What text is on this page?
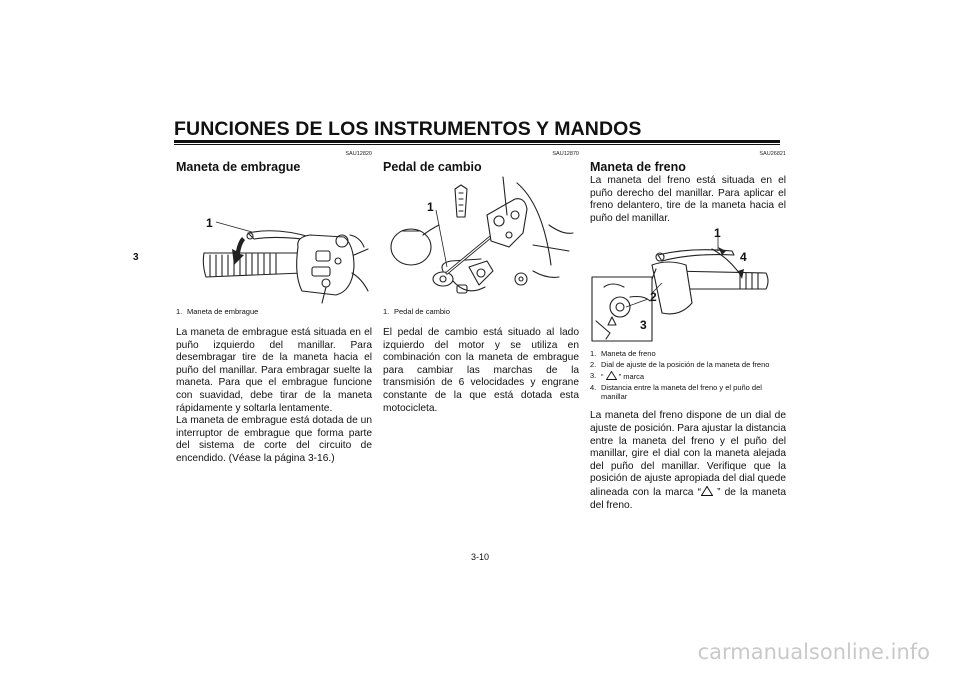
FUNCIONES DE LOS INSTRUMENTOS Y MANDOS
3
SAU12820
Maneta de embrague
1
1. Maneta de embrague

La maneta de embrague está situada en el puño izquierdo del manillar. Para desembragar tire de la maneta hacia el puño del manillar. Para embragar suelte la maneta. Para que el embrague funcione con suavidad, debe tirar de la maneta rápidamente y soltarla lentamente.

La maneta de embrague está dotada de un interruptor de embrague que forma parte del sistema de corte del circuito de encendido. (Véase la página 3-16.)

SAU12870
Pedal de cambio
1
1. Pedal de cambio

El pedal de cambio está situado al lado izquierdo del motor y se utiliza en combinación con la maneta de embrague para cambiar las marchas de la transmisión de 6 velocidades y engrane constante de la que está dotada esta motocicleta.

SAU26821
Maneta de freno

La maneta del freno está situada en el puño derecho del manillar. Para aplicar el freno delantero, tire de la maneta hacia el puño del manillar.

1
2
3
4
1. Maneta de freno
2. Dial de ajuste de la posición de la maneta de freno
3. “ ” marca
4. Distancia entre la maneta del freno y el puño del manillar

La maneta del freno dispone de un dial de ajuste de posición. Para ajustar la distancia entre la maneta del freno y el puño del manillar, gire el dial con la maneta alejada del puño del manillar. Verifique que la posición de ajuste apropiada del dial quede alineada con la marca “ ” de la maneta del freno.

3-10
carmanualsonline.info
